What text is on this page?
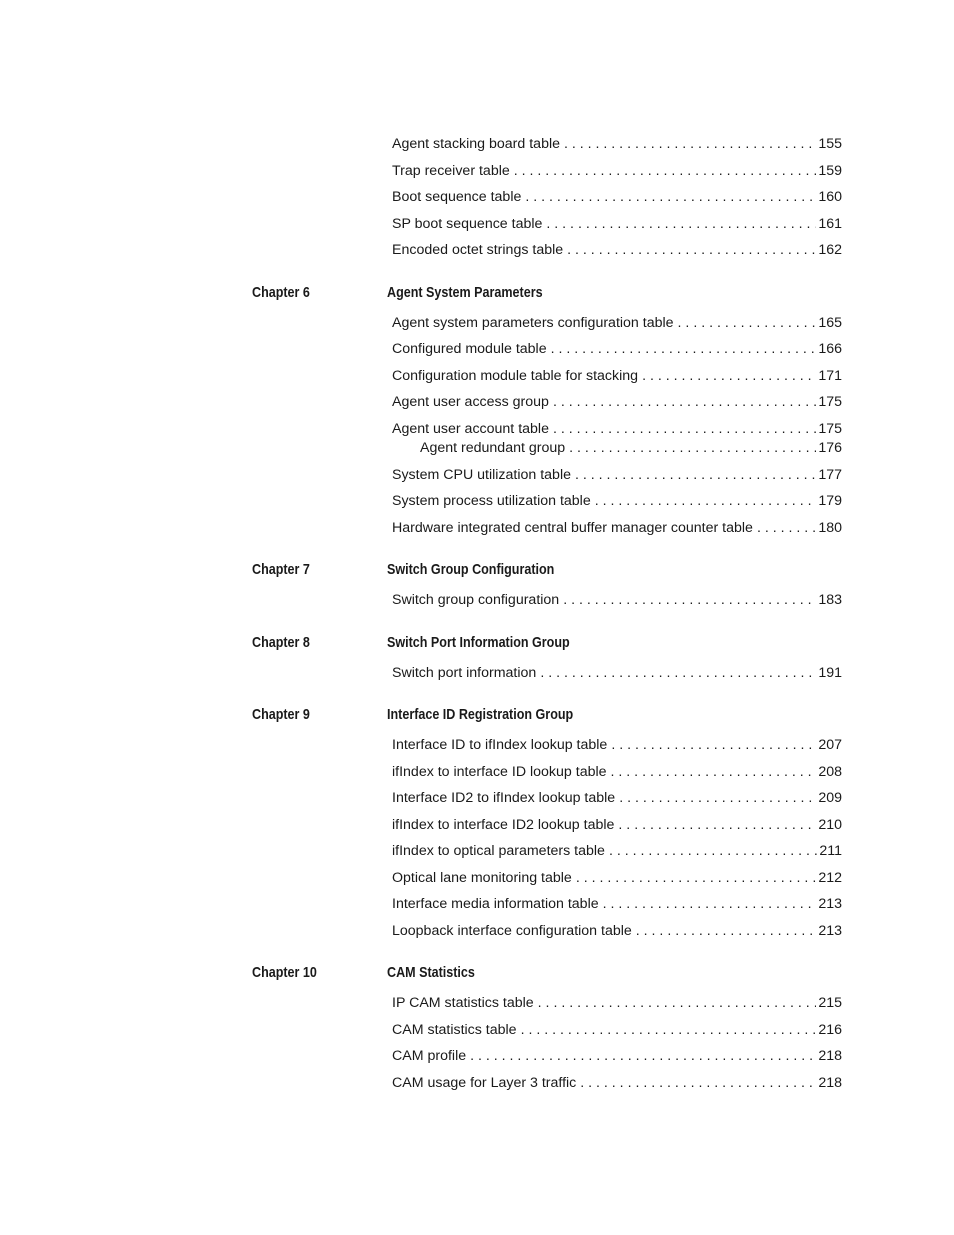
Agent stacking board table . . .	155
Trap receiver table . . .	159
Boot sequence table . . .	160
SP boot sequence table . . .	161
Encoded octet strings table . . .	162
Chapter 6	Agent System Parameters
Agent system parameters configuration table . . .	165
Configured module table . . .	166
Configuration module table for stacking . . .	171
Agent user access group . . .	175
Agent user account table . . .	175
Agent redundant group . . .	176
System CPU utilization table . . .	177
System process utilization table . . .	179
Hardware integrated central buffer manager counter table . . .	180
Chapter 7	Switch Group Configuration
Switch group configuration . . .	183
Chapter 8	Switch Port Information Group
Switch port information . . .	191
Chapter 9	Interface ID Registration Group
Interface ID to ifIndex lookup table . . .	207
ifIndex to interface ID lookup table . . .	208
Interface ID2 to ifIndex lookup table . . .	209
ifIndex to interface ID2 lookup table . . .	210
ifIndex to optical parameters table . . .	211
Optical lane monitoring table . . .	212
Interface media information table . . .	213
Loopback interface configuration table . . .	213
Chapter 10	CAM Statistics
IP CAM statistics table . . .	215
CAM statistics table . . .	216
CAM profile . . .	218
CAM usage for Layer 3 traffic . . .	218
